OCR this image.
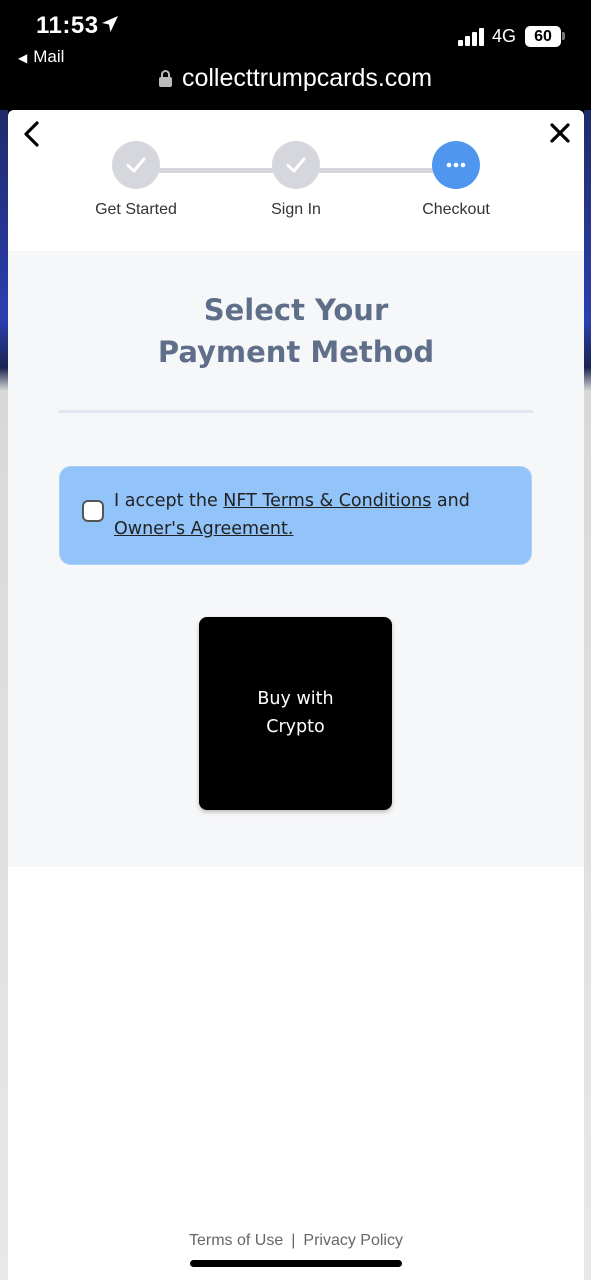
11:53
◀ Mail
4G	60
collecttrumpcards.com
Get Started	Sign In	Checkout
Select Your
Payment Method
I accept the NFT Terms & Conditions and Owner's Agreement.
Buy with
Crypto
Terms of Use | Privacy Policy
